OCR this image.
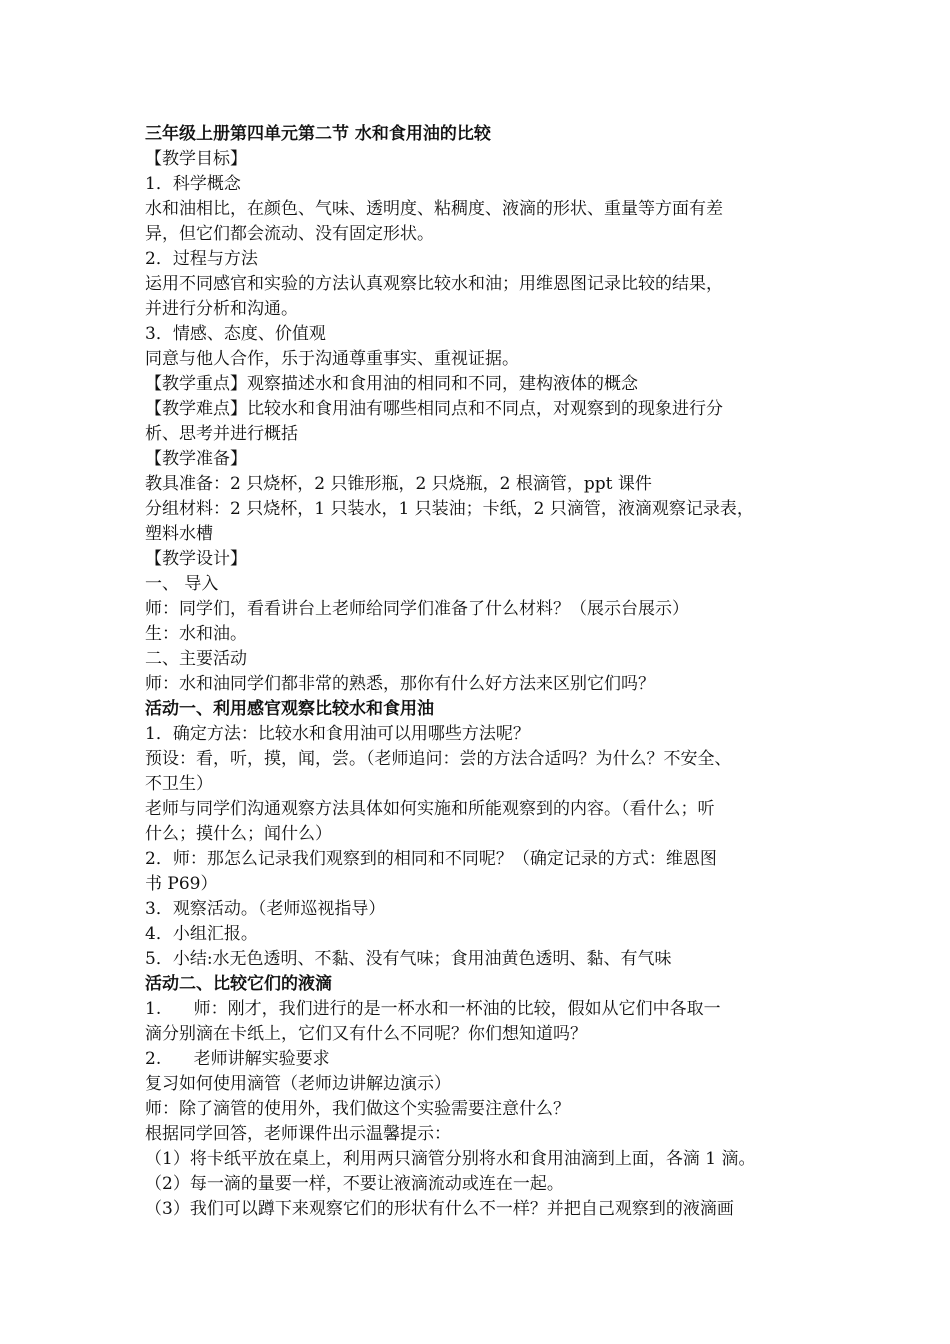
三年级上册第四单元第二节 水和食用油的比较
【教学目标】
1．科学概念
水和油相比，在颜色、气味、透明度、粘稠度、液滴的形状、重量等方面有差
异，但它们都会流动、没有固定形状。
2．过程与方法
运用不同感官和实验的方法认真观察比较水和油；用维恩图记录比较的结果，
并进行分析和沟通。
3．情感、态度、价值观
同意与他人合作，乐于沟通尊重事实、重视证据。
【教学重点】观察描述水和食用油的相同和不同，建构液体的概念
【教学难点】比较水和食用油有哪些相同点和不同点，对观察到的现象进行分
析、思考并进行概括
【教学准备】
教具准备：2 只烧杯，2 只锥形瓶，2 只烧瓶，2 根滴管，ppt 课件
分组材料：2 只烧杯，1 只装水，1 只装油；卡纸，2 只滴管，液滴观察记录表，
塑料水槽
【教学设计】
一、 导入
师：同学们，看看讲台上老师给同学们准备了什么材料？（展示台展示）
生：水和油。
二、主要活动
师：水和油同学们都非常的熟悉，那你有什么好方法来区别它们吗？
活动一、利用感官观察比较水和食用油
1．确定方法：比较水和食用油可以用哪些方法呢？
预设：看，听，摸，闻，尝。（老师追问：尝的方法合适吗？为什么？不安全、
不卫生）
老师与同学们沟通观察方法具体如何实施和所能观察到的内容。（看什么；听
什么；摸什么；闻什么）
2．师：那怎么记录我们观察到的相同和不同呢？（确定记录的方式：维恩图
书 P69）
3．观察活动。（老师巡视指导）
4．小组汇报。
5．小结:水无色透明、不黏、没有气味；食用油黄色透明、黏、有气味
活动二、比较它们的液滴
1.      师：刚才，我们进行的是一杯水和一杯油的比较，假如从它们中各取一
滴分别滴在卡纸上，它们又有什么不同呢？你们想知道吗？
2.      老师讲解实验要求
复习如何使用滴管（老师边讲解边演示）
师：除了滴管的使用外，我们做这个实验需要注意什么？
根据同学回答，老师课件出示温馨提示：
（1）将卡纸平放在桌上，利用两只滴管分别将水和食用油滴到上面，各滴 1 滴。
（2）每一滴的量要一样，不要让液滴流动或连在一起。
（3）我们可以蹲下来观察它们的形状有什么不一样？并把自己观察到的液滴画
